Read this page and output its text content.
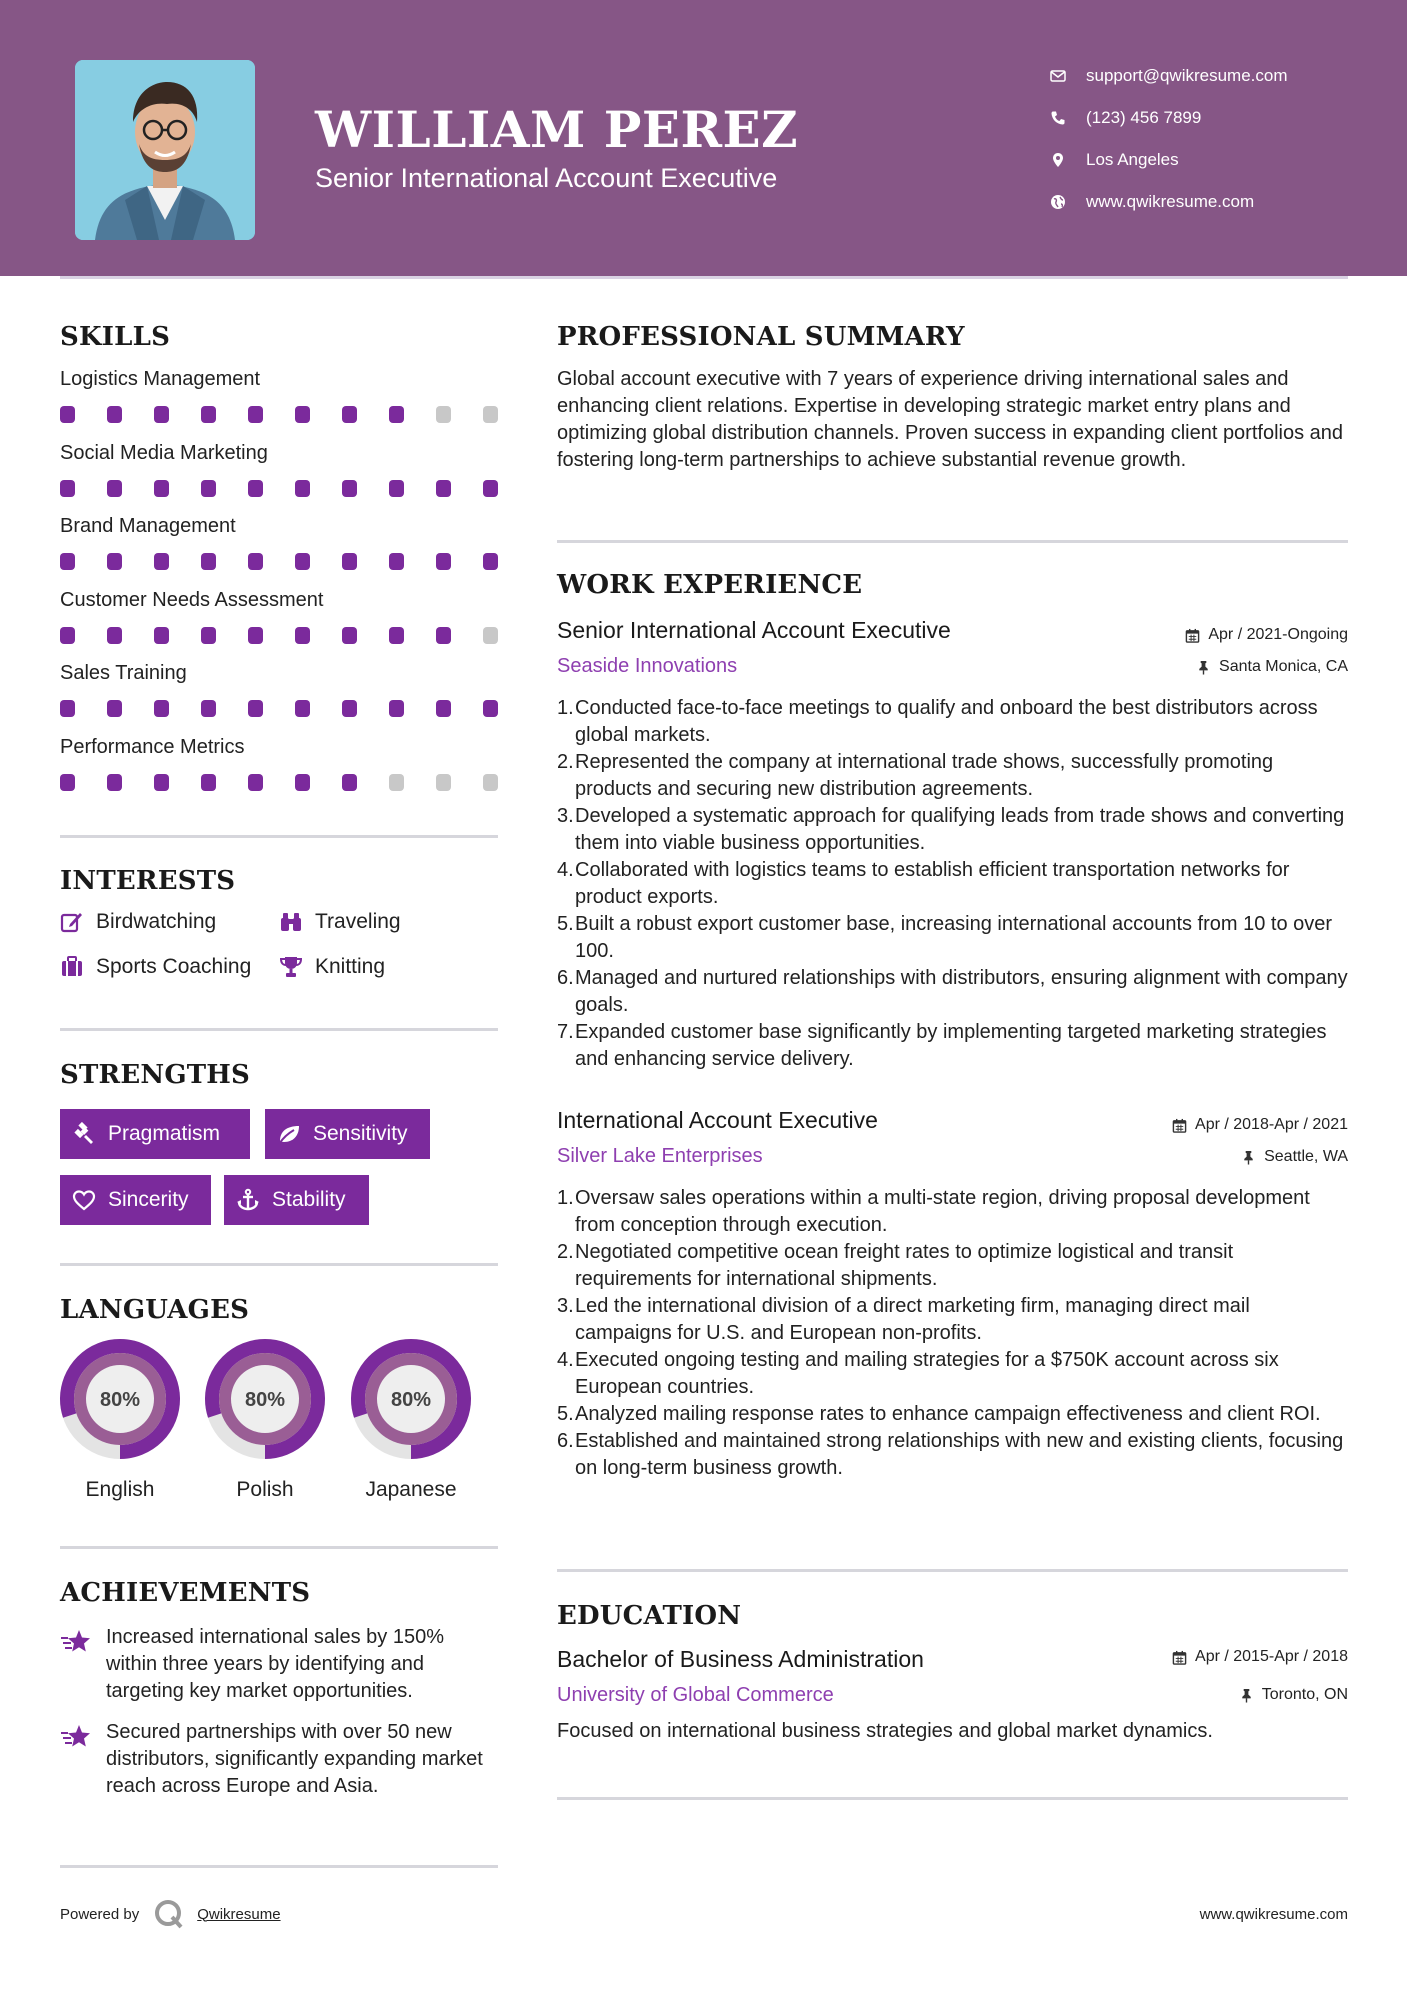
WILLIAM PEREZ
Senior International Account Executive
support@qwikresume.com
(123) 456 7899
Los Angeles
www.qwikresume.com
SKILLS
Logistics Management
Social Media Marketing
Brand Management
Customer Needs Assessment
Sales Training
Performance Metrics
INTERESTS
Birdwatching	Traveling
Sports Coaching	Knitting
STRENGTHS
Pragmatism	Sensitivity
Sincerity	Stability
LANGUAGES
80%
English
80%
Polish
80%
Japanese
ACHIEVEMENTS
Increased international sales by 150% within three years by identifying and targeting key market opportunities.
Secured partnerships with over 50 new distributors, significantly expanding market reach across Europe and Asia.
PROFESSIONAL SUMMARY
Global account executive with 7 years of experience driving international sales and enhancing client relations. Expertise in developing strategic market entry plans and optimizing global distribution channels. Proven success in expanding client portfolios and fostering long-term partnerships to achieve substantial revenue growth.
WORK EXPERIENCE
Senior International Account Executive	Apr / 2021-Ongoing
Seaside Innovations	Santa Monica, CA
1. Conducted face-to-face meetings to qualify and onboard the best distributors across global markets.
2. Represented the company at international trade shows, successfully promoting products and securing new distribution agreements.
3. Developed a systematic approach for qualifying leads from trade shows and converting them into viable business opportunities.
4. Collaborated with logistics teams to establish efficient transportation networks for product exports.
5. Built a robust export customer base, increasing international accounts from 10 to over 100.
6. Managed and nurtured relationships with distributors, ensuring alignment with company goals.
7. Expanded customer base significantly by implementing targeted marketing strategies and enhancing service delivery.
International Account Executive	Apr / 2018-Apr / 2021
Silver Lake Enterprises	Seattle, WA
1. Oversaw sales operations within a multi-state region, driving proposal development from conception through execution.
2. Negotiated competitive ocean freight rates to optimize logistical and transit requirements for international shipments.
3. Led the international division of a direct marketing firm, managing direct mail campaigns for U.S. and European non-profits.
4. Executed ongoing testing and mailing strategies for a $750K account across six European countries.
5. Analyzed mailing response rates to enhance campaign effectiveness and client ROI.
6. Established and maintained strong relationships with new and existing clients, focusing on long-term business growth.
EDUCATION
Bachelor of Business Administration	Apr / 2015-Apr / 2018
University of Global Commerce	Toronto, ON
Focused on international business strategies and global market dynamics.
Powered by	Qwikresume	www.qwikresume.com
